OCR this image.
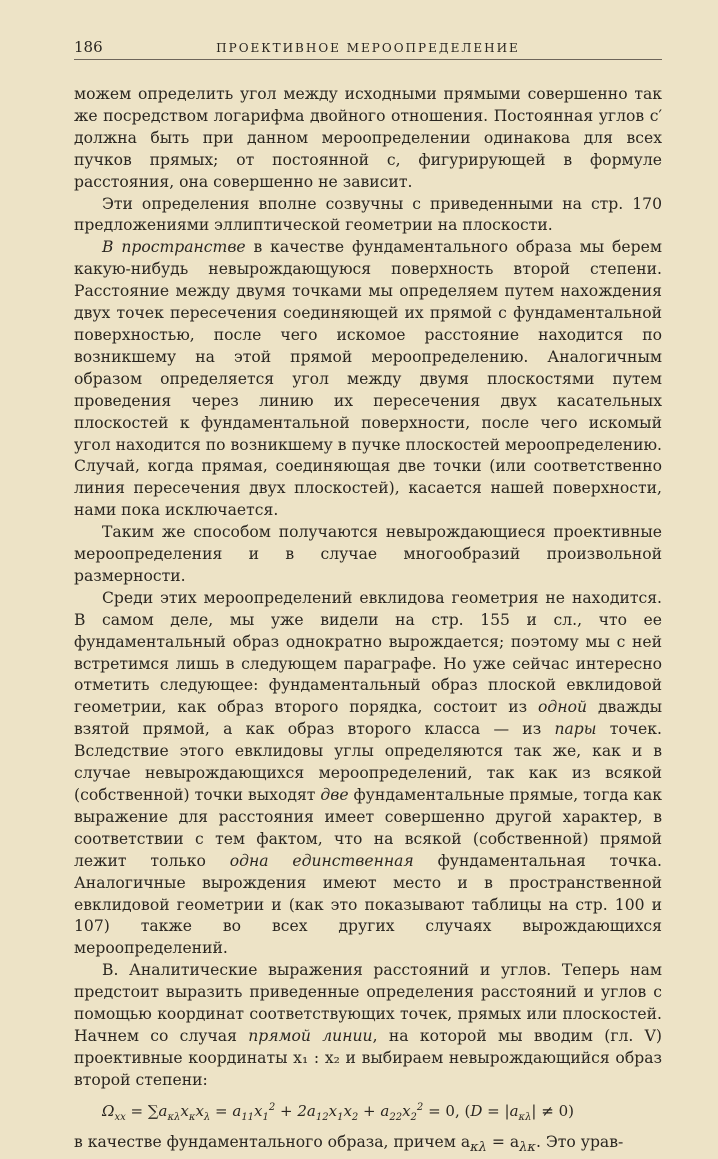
186	ПРОЕКТИВНОЕ МЕРООПРЕДЕЛЕНИЕ

можем определить угол между исходными прямыми совершенно так же посредством логарифма двойного отношения. Постоянная углов c′ должна быть при данном мероопределении одинакова для всех пучков прямых; от постоянной c, фигурирующей в формуле расстояния, она совершенно не зависит.

Эти определения вполне созвучны с приведенными на стр. 170 предложениями эллиптической геометрии на плоскости.

В пространстве в качестве фундаментального образа мы берем какую-нибудь невырождающуюся поверхность второй степени. Расстояние между двумя точками мы определяем путем нахождения двух точек пересечения соединяющей их прямой с фундаментальной поверхностью, после чего искомое расстояние находится по возникшему на этой прямой мероопределению. Аналогичным образом определяется угол между двумя плоскостями путем проведения через линию их пересечения двух касательных плоскостей к фундаментальной поверхности, после чего искомый угол находится по возникшему в пучке плоскостей мероопределению. Случай, когда прямая, соединяющая две точки (или соответственно линия пересечения двух плоскостей), касается нашей поверхности, нами пока исключается.

Таким же способом получаются невырождающиеся проективные мероопределения и в случае многообразий произвольной размерности.

Среди этих мероопределений евклидова геометрия не находится. В самом деле, мы уже видели на стр. 155 и сл., что ее фундаментальный образ однократно вырождается; поэтому мы с ней встретимся лишь в следующем параграфе. Но уже сейчас интересно отметить следующее: фундаментальный образ плоской евклидовой геометрии, как образ второго порядка, состоит из одной дважды взятой прямой, а как образ второго класса — из пары точек. Вследствие этого евклидовы углы определяются так же, как и в случае невырождающихся мероопределений, так как из всякой (собственной) точки выходят две фундаментальные прямые, тогда как выражение для расстояния имеет совершенно другой характер, в соответствии с тем фактом, что на всякой (собственной) прямой лежит только одна единственная фундаментальная точка. Аналогичные вырождения имеют место и в пространственной евклидовой геометрии и (как это показывают таблицы на стр. 100 и 107) также во всех других случаях вырождающихся мероопределений.

В. Аналитические выражения расстояний и углов. Теперь нам предстоит выразить приведенные определения расстояний и углов с помощью координат соответствующих точек, прямых или плоскостей. Начнем со случая прямой линии, на которой мы вводим (гл. V) проективные координаты x₁ : x₂ и выбираем невырождающийся образ второй степени:

$\Omega_{xx} = \sum a_{\kappa\lambda}x_\kappa x_\lambda = a_{11}x_1^2 + 2a_{12}x_1x_2 + a_{22}x_2^2 = 0$, $(D = |a_{\kappa\lambda}| \ne 0)$

в качестве фундаментального образа, причем $a_{\kappa\lambda} = a_{\lambda\kappa}$. Это урав-
